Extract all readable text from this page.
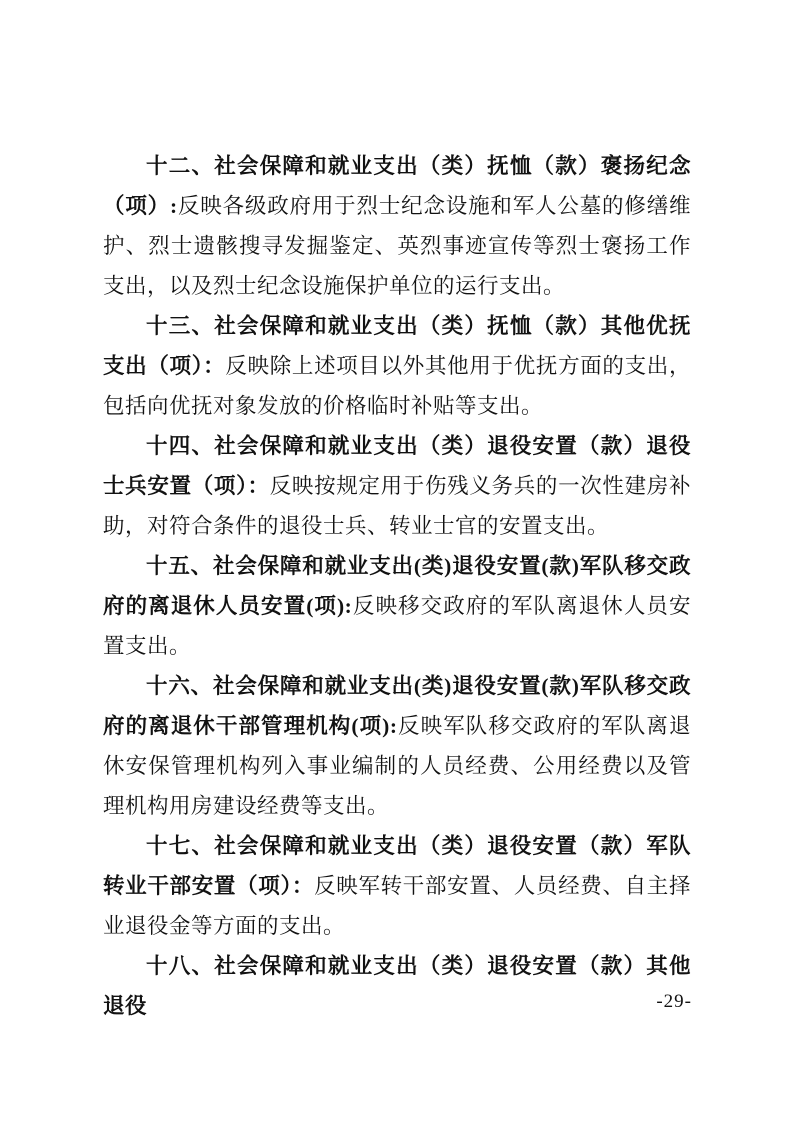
十二、社会保障和就业支出（类）抚恤（款）褒扬纪念（项）:反映各级政府用于烈士纪念设施和军人公墓的修缮维护、烈士遗骸搜寻发掘鉴定、英烈事迹宣传等烈士褒扬工作支出，以及烈士纪念设施保护单位的运行支出。

十三、社会保障和就业支出（类）抚恤（款）其他优抚支出（项）：反映除上述项目以外其他用于优抚方面的支出，包括向优抚对象发放的价格临时补贴等支出。

十四、社会保障和就业支出（类）退役安置（款）退役士兵安置（项）：反映按规定用于伤残义务兵的一次性建房补助，对符合条件的退役士兵、转业士官的安置支出。

十五、社会保障和就业支出(类)退役安置(款)军队移交政府的离退休人员安置(项):反映移交政府的军队离退休人员安置支出。

十六、社会保障和就业支出(类)退役安置(款)军队移交政府的离退休干部管理机构(项):反映军队移交政府的军队离退休安保管理机构列入事业编制的人员经费、公用经费以及管理机构用房建设经费等支出。

十七、社会保障和就业支出（类）退役安置（款）军队转业干部安置（项）：反映军转干部安置、人员经费、自主择业退役金等方面的支出。

十八、社会保障和就业支出（类）退役安置（款）其他退役	-29-
